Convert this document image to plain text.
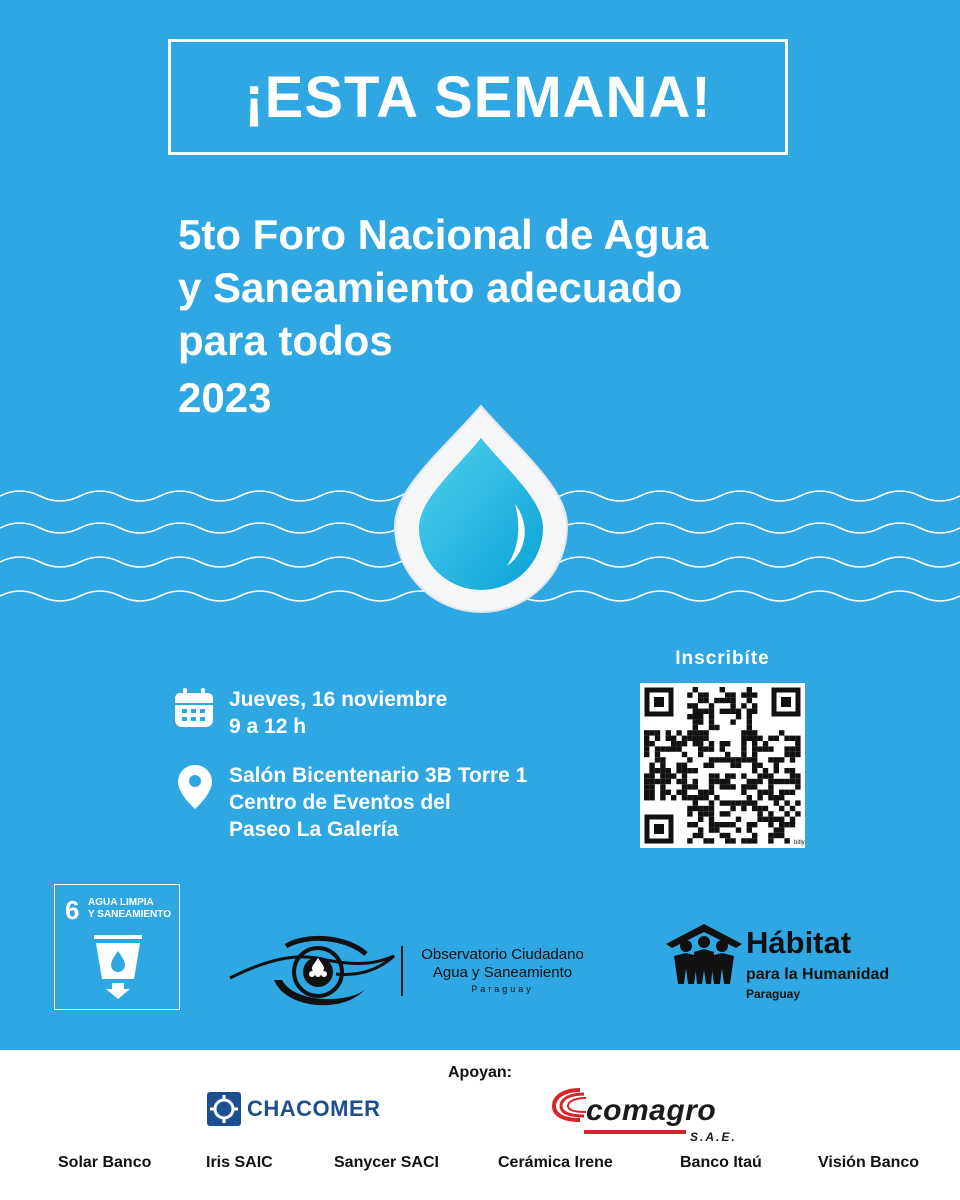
¡ESTA SEMANA!
5to Foro Nacional de Agua
y Saneamiento adecuado
para todos
2023
Inscribíte
bitly
Jueves, 16 noviembre
9 a 12 h
Salón Bicentenario 3B Torre 1
Centro de Eventos del
Paseo La Galería
6 AGUA LIMPIA
Y SANEAMIENTO
Observatorio Ciudadano
Agua y Saneamiento
Paraguay
Hábitat
para la Humanidad
Paraguay
Apoyan:
CHACOMER	comagro
S.A.E.
Solar Banco	Iris SAIC	Sanycer SACI	Cerámica Irene	Banco Itaú	Visión Banco
